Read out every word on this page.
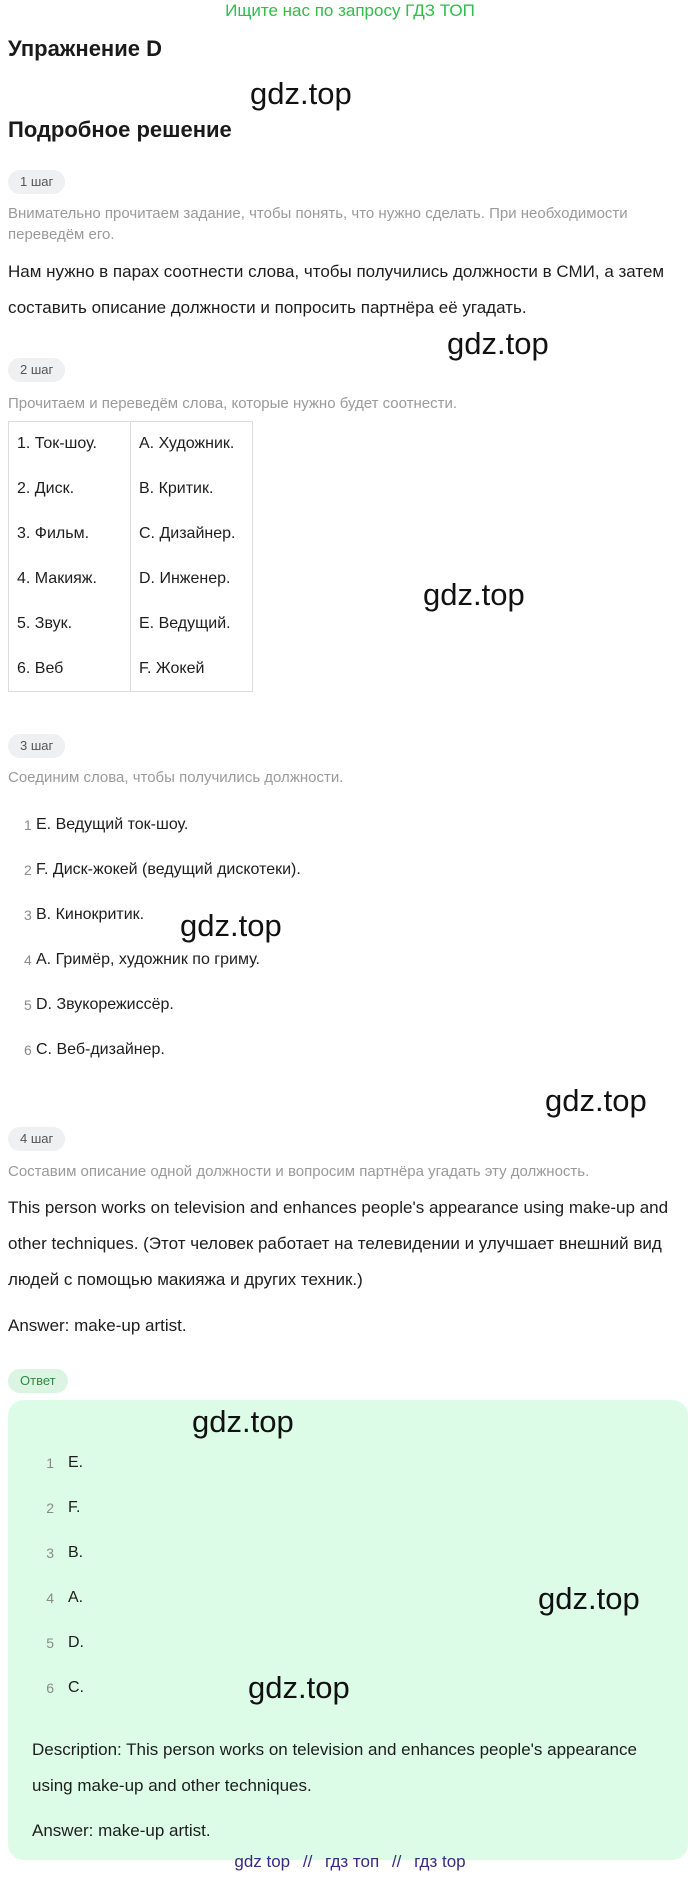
Ищите нас по запросу ГДЗ ТОП
Упражнение D
gdz.top
Подробное решение
1 шаг
Внимательно прочитаем задание, чтобы понять, что нужно сделать. При необходимости переведём его.
Нам нужно в парах соотнести слова, чтобы получились должности в СМИ, а затем составить описание должности и попросить партнёра её угадать.
gdz.top
2 шаг
Прочитаем и переведём слова, которые нужно будет соотнести.
1. Ток-шоу.	A. Художник.
2. Диск.	B. Критик.
3. Фильм.	C. Дизайнер.
4. Макияж.	D. Инженер.
5. Звук.	E. Ведущий.
6. Веб	F. Жокей
gdz.top
3 шаг
Соединим слова, чтобы получились должности.
1 E. Ведущий ток-шоу.
2 F. Диск-жокей (ведущий дискотеки).
3 B. Кинокритик.
4 A. Гримёр, художник по гриму.
5 D. Звукорежиссёр.
6 C. Веб-дизайнер.
gdz.top
gdz.top
4 шаг
Составим описание одной должности и вопросим партнёра угадать эту должность.
This person works on television and enhances people's appearance using make-up and other techniques. (Этот человек работает на телевидении и улучшает внешний вид людей с помощью макияжа и других техник.)
Answer: make-up artist.
Ответ
gdz.top
1 E.
2 F.
3 B.
4 A.
5 D.
6 C.
gdz.top
gdz.top
Description: This person works on television and enhances people's appearance using make-up and other techniques.
Answer: make-up artist.
gdz top // гдз топ // гдз top
